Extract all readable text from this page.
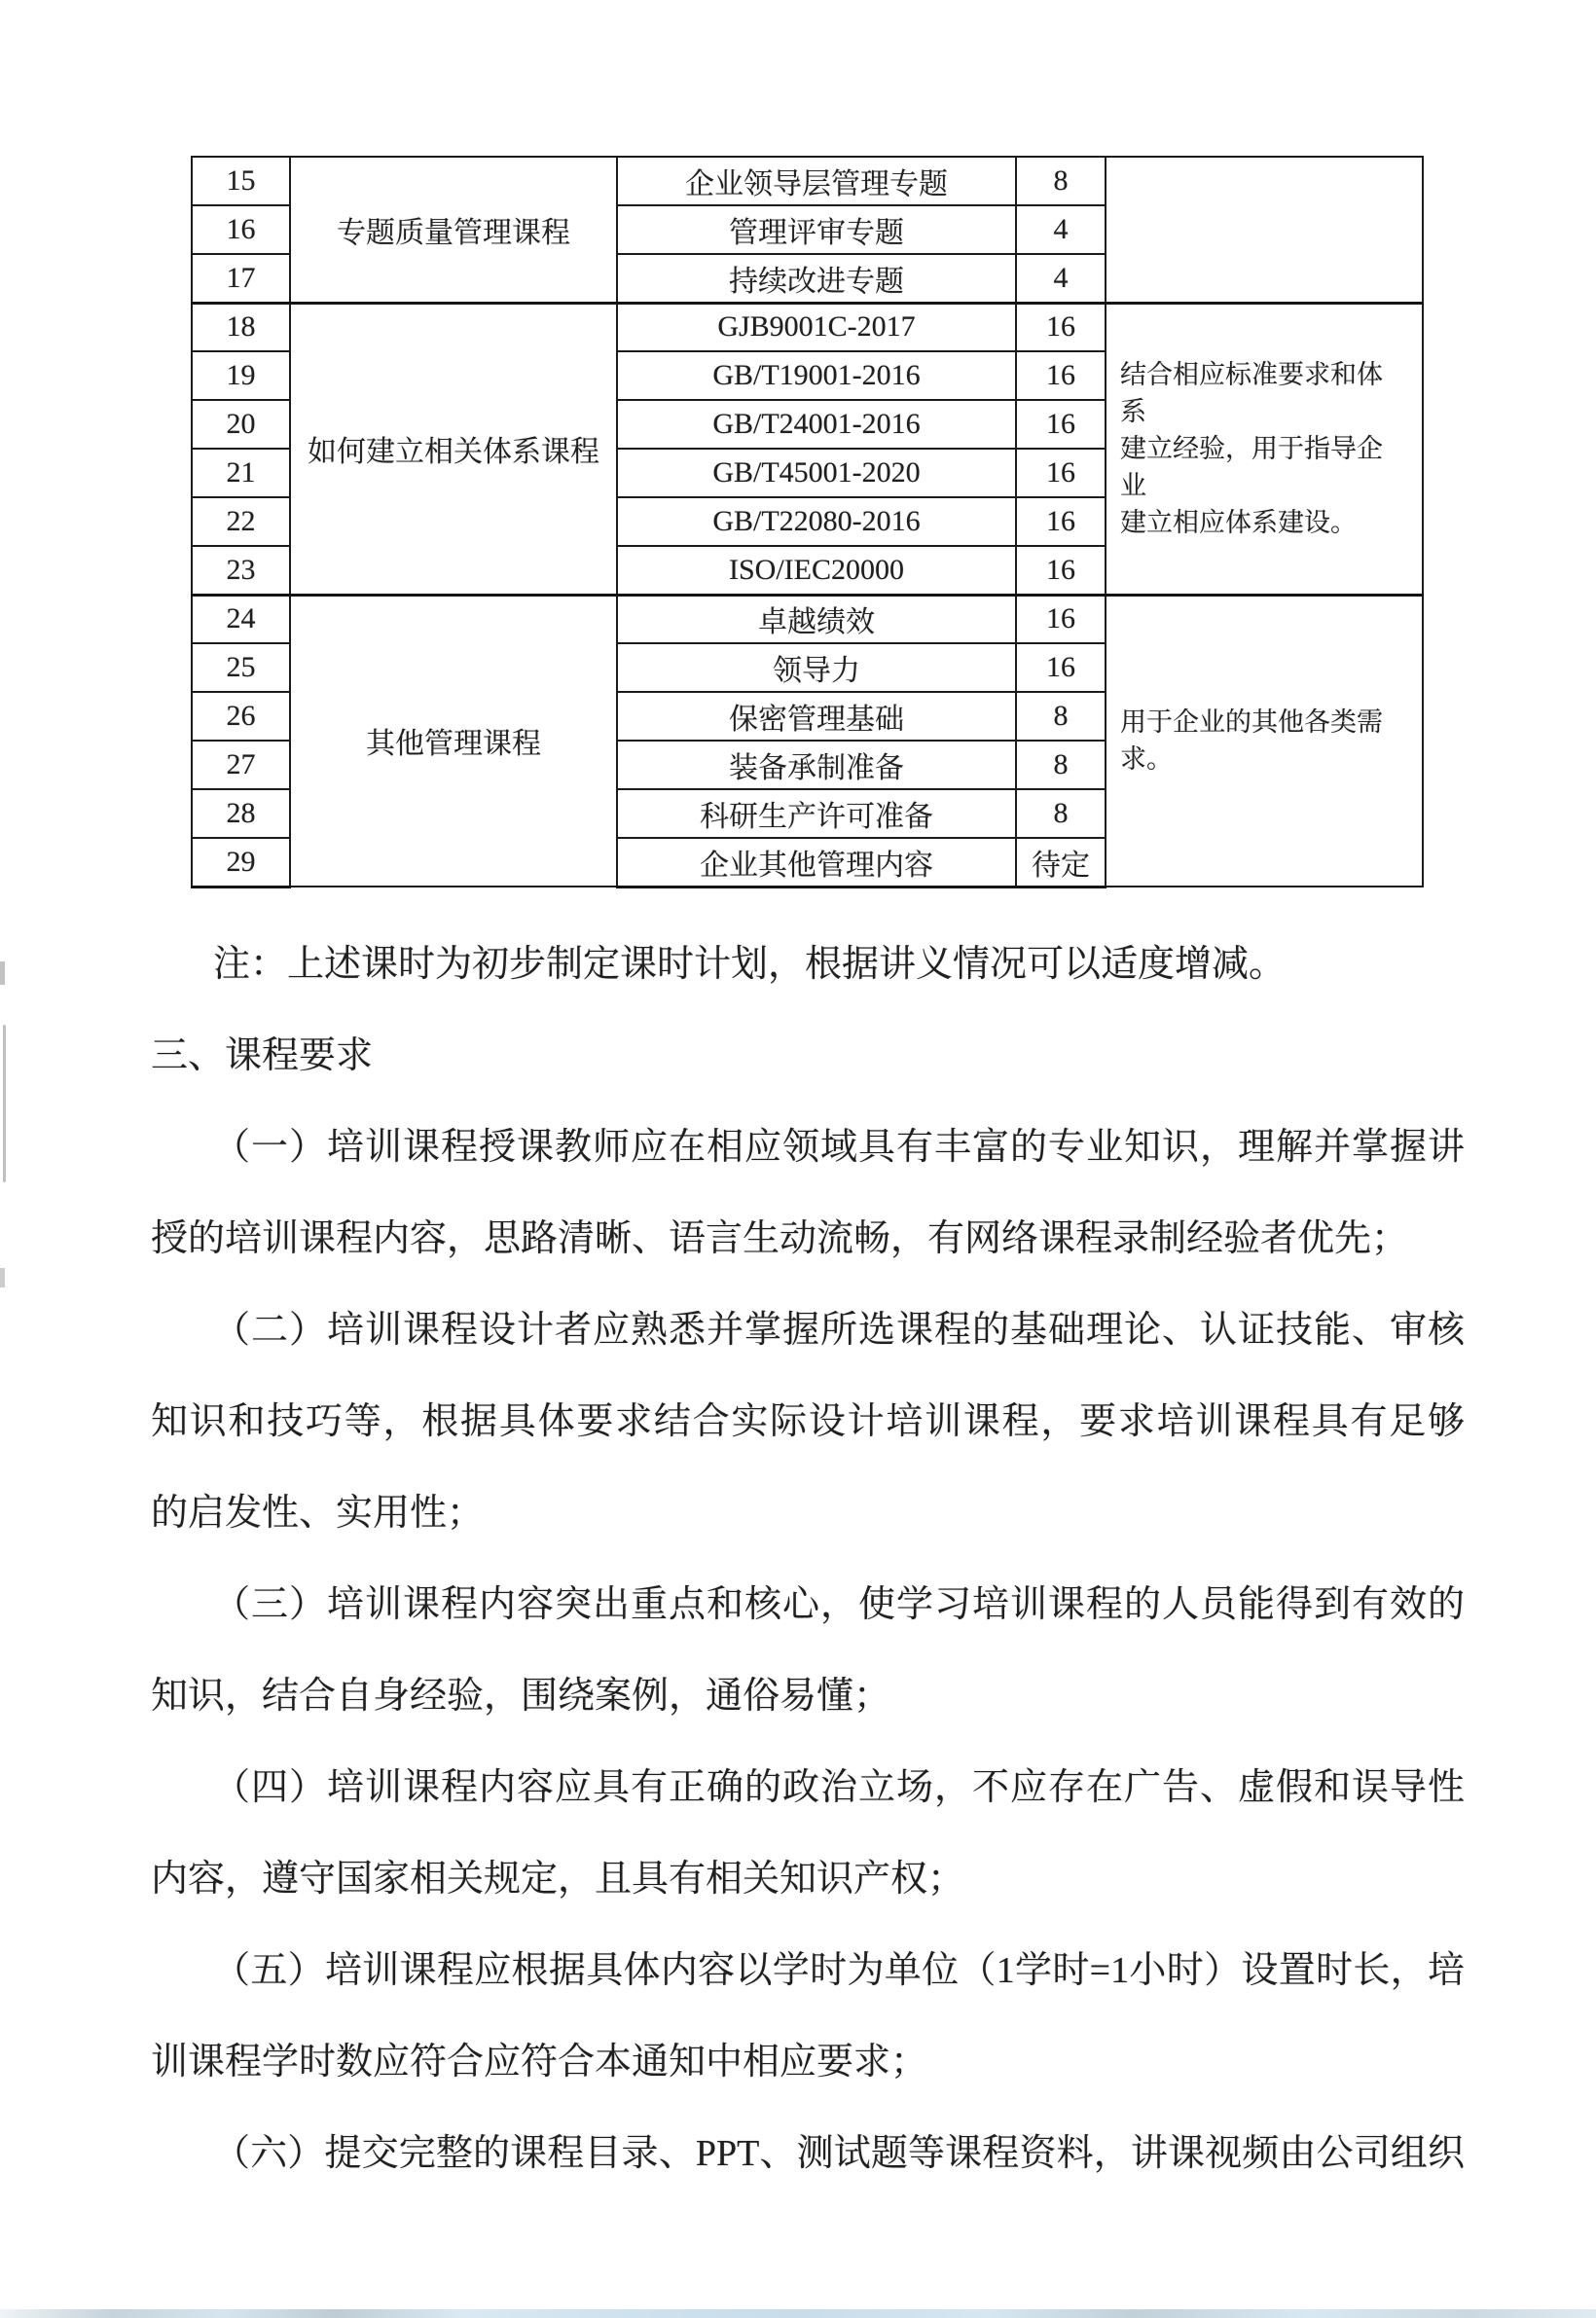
15	专题质量管理课程	企业领导层管理专题	8	
16		管理评审专题	4	
17		持续改进专题	4	
18	如何建立相关体系课程	GJB9001C-2017	16	结合相应标准要求和体系
建立经验，用于指导企业
建立相应体系建设。

19		GB/T19001-2016	16	
20		GB/T24001-2016	16	
21		GB/T45001-2020	16	
22		GB/T22080-2016	16	
23		ISO/IEC20000	16	
24	其他管理课程	卓越绩效	16	用于企业的其他各类需
求。

25		领导力	16	
26		保密管理基础	8	
27		装备承制准备	8	
28		科研生产许可准备	8	
29		企业其他管理内容	待定	
注：上述课时为初步制定课时计划，根据讲义情况可以适度增减。
三、课程要求
（一）培训课程授课教师应在相应领域具有丰富的专业知识，理解并掌握讲
授的培训课程内容，思路清晰、语言生动流畅，有网络课程录制经验者优先；
（二）培训课程设计者应熟悉并掌握所选课程的基础理论、认证技能、审核
知识和技巧等，根据具体要求结合实际设计培训课程，要求培训课程具有足够
的启发性、实用性；
（三）培训课程内容突出重点和核心，使学习培训课程的人员能得到有效的
知识，结合自身经验，围绕案例，通俗易懂；
（四）培训课程内容应具有正确的政治立场，不应存在广告、虚假和误导性
内容，遵守国家相关规定，且具有相关知识产权；
（五）培训课程应根据具体内容以学时为单位（1学时=1小时）设置时长，培
训课程学时数应符合应符合本通知中相应要求；
（六）提交完整的课程目录、PPT、测试题等课程资料，讲课视频由公司组织
